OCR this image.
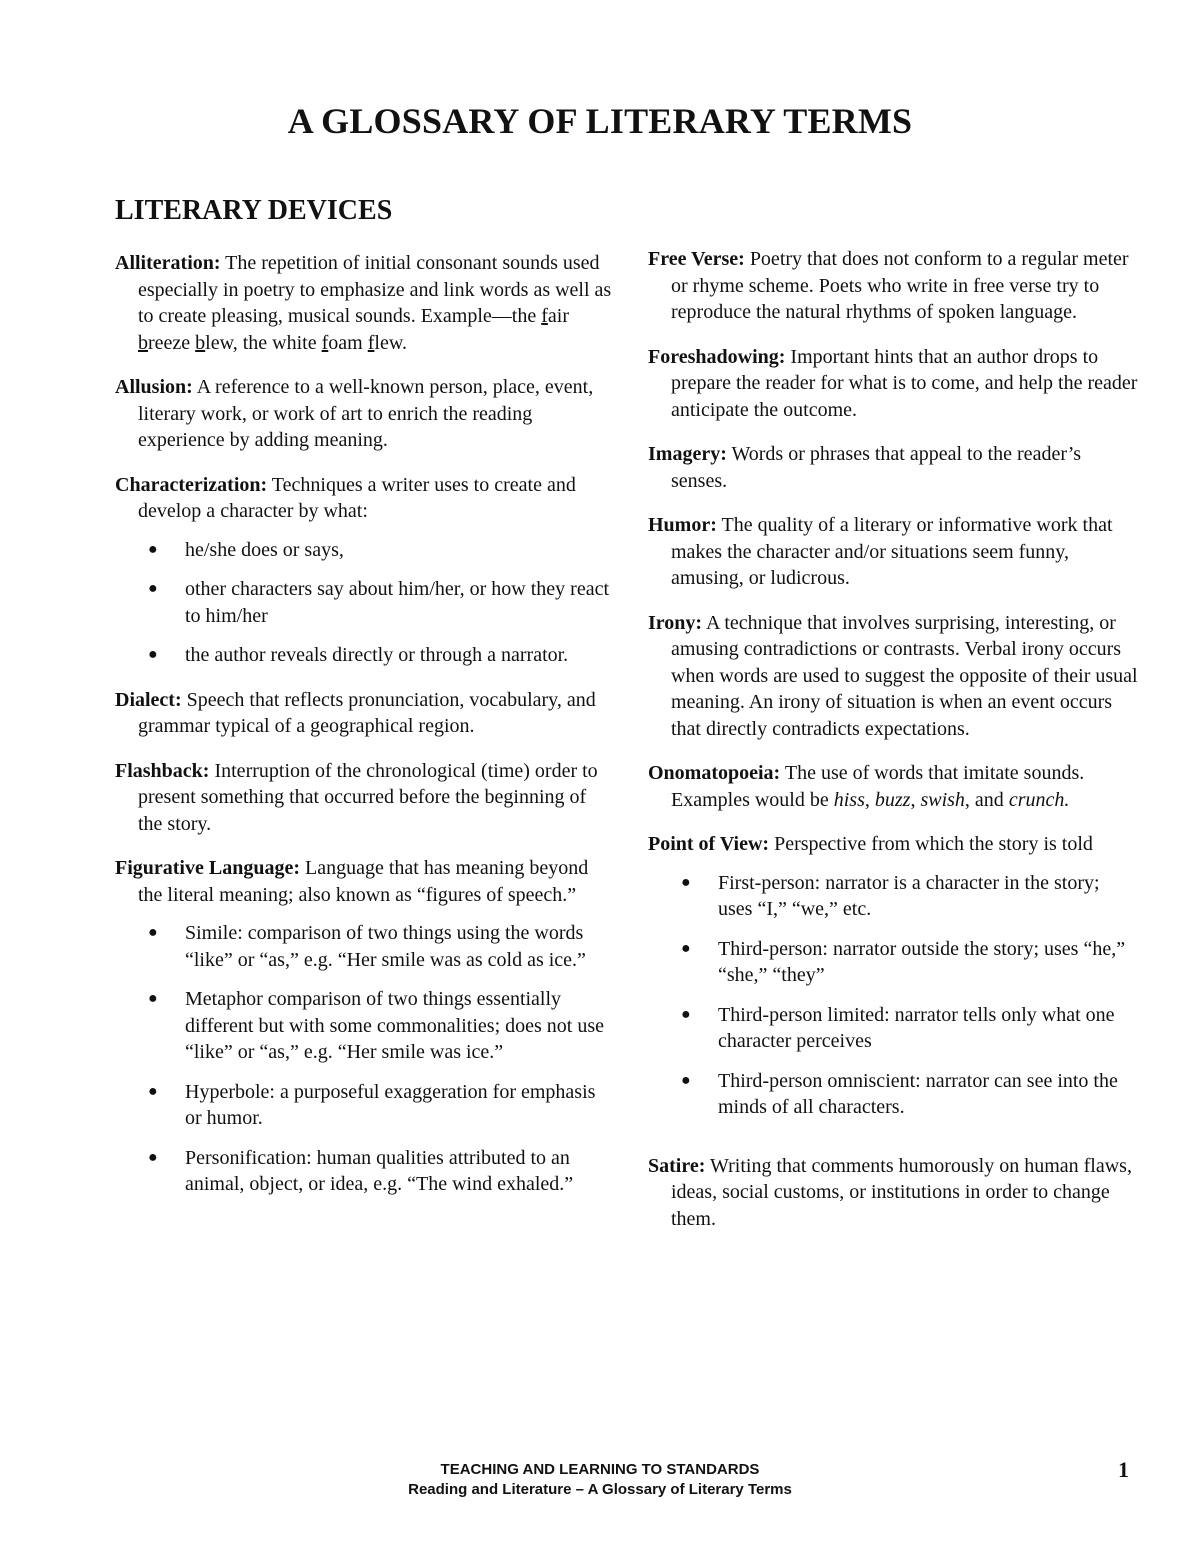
A GLOSSARY OF LITERARY TERMS
LITERARY DEVICES

Alliteration: The repetition of initial consonant sounds used especially in poetry to emphasize and link words as well as to create pleasing, musical sounds. Example—the fair breeze blew, the white foam flew.

Allusion: A reference to a well-known person, place, event, literary work, or work of art to enrich the reading experience by adding meaning.

Characterization: Techniques a writer uses to create and develop a character by what:

● he/she does or says,
● other characters say about him/her, or how they react to him/her
● the author reveals directly or through a narrator.

Dialect: Speech that reflects pronunciation, vocabulary, and grammar typical of a geographical region.

Flashback: Interruption of the chronological (time) order to present something that occurred before the beginning of the story.

Figurative Language: Language that has meaning beyond the literal meaning; also known as “figures of speech.”

● Simile: comparison of two things using the words “like” or “as,” e.g. “Her smile was as cold as ice.”
● Metaphor comparison of two things essentially different but with some commonalities; does not use “like” or “as,” e.g. “Her smile was ice.”
● Hyperbole: a purposeful exaggeration for emphasis or humor.
● Personification: human qualities attributed to an animal, object, or idea, e.g. “The wind exhaled.”

Free Verse: Poetry that does not conform to a regular meter or rhyme scheme. Poets who write in free verse try to reproduce the natural rhythms of spoken language.

Foreshadowing: Important hints that an author drops to prepare the reader for what is to come, and help the reader anticipate the outcome.

Imagery: Words or phrases that appeal to the reader’s senses.

Humor: The quality of a literary or informative work that makes the character and/or situations seem funny, amusing, or ludicrous.

Irony: A technique that involves surprising, interesting, or amusing contradictions or contrasts. Verbal irony occurs when words are used to suggest the opposite of their usual meaning. An irony of situation is when an event occurs that directly contradicts expectations.

Onomatopoeia: The use of words that imitate sounds. Examples would be hiss, buzz, swish, and crunch.

Point of View: Perspective from which the story is told

● First-person: narrator is a character in the story; uses “I,” “we,” etc.
● Third-person: narrator outside the story; uses “he,” “she,” “they”
● Third-person limited: narrator tells only what one character perceives
● Third-person omniscient: narrator can see into the minds of all characters.

Satire: Writing that comments humorously on human flaws, ideas, social customs, or institutions in order to change them.

TEACHING AND LEARNING TO STANDARDS
Reading and Literature – A Glossary of Literary Terms
1
